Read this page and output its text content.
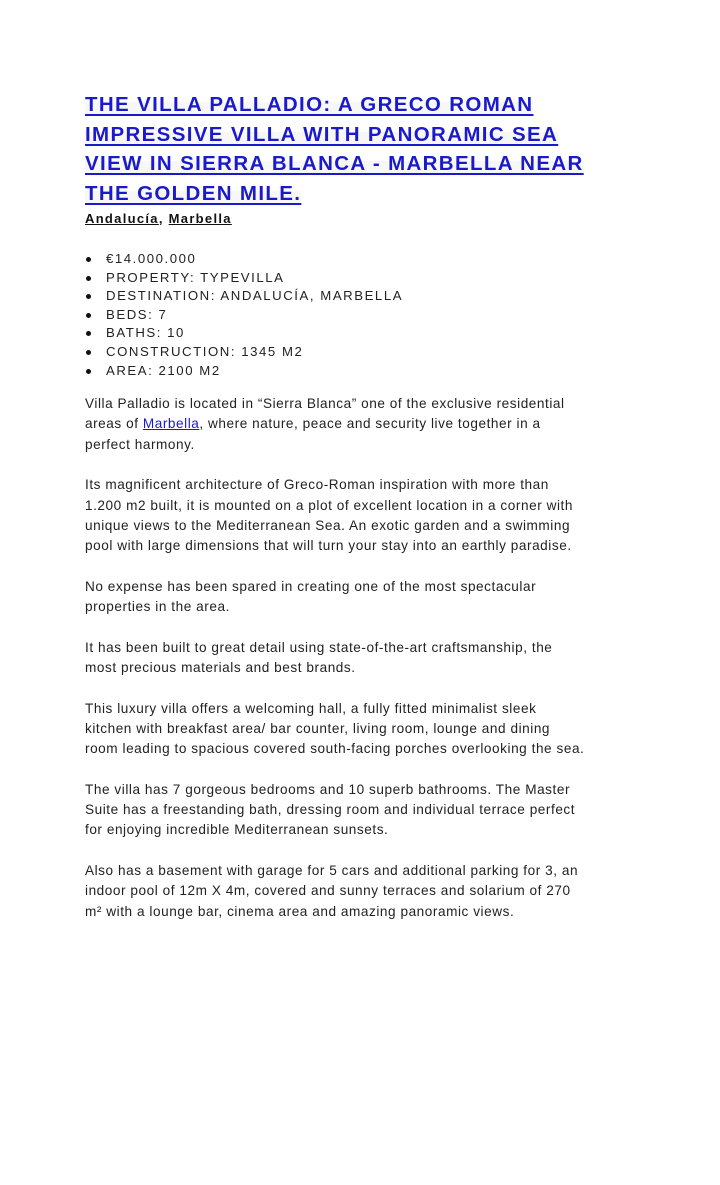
THE VILLA PALLADIO: A GRECO ROMAN
IMPRESSIVE VILLA WITH PANORAMIC SEA
VIEW IN SIERRA BLANCA - MARBELLA NEAR
THE GOLDEN MILE.
Andalucía, Marbella
€14.000.000
PROPERTY: TYPEVILLA
DESTINATION: ANDALUCÍA, MARBELLA
BEDS: 7
BATHS: 10
CONSTRUCTION: 1345 M2
AREA: 2100 M2

Villa Palladio is located in “Sierra Blanca” one of the exclusive residential

areas of Marbella, where nature, peace and security live together in a

perfect harmony.

Its magnificent architecture of Greco-Roman inspiration with more than

1.200 m2 built, it is mounted on a plot of excellent location in a corner with

unique views to the Mediterranean Sea. An exotic garden and a swimming

pool with large dimensions that will turn your stay into an earthly paradise.

No expense has been spared in creating one of the most spectacular

properties in the area.

It has been built to great detail using state-of-the-art craftsmanship, the

most precious materials and best brands.

This luxury villa offers a welcoming hall, a fully fitted minimalist sleek

kitchen with breakfast area/ bar counter, living room, lounge and dining

room leading to spacious covered south-facing porches overlooking the sea.

The villa has 7 gorgeous bedrooms and 10 superb bathrooms. The Master

Suite has a freestanding bath, dressing room and individual terrace perfect

for enjoying incredible Mediterranean sunsets.

Also has a basement with garage for 5 cars and additional parking for 3, an

indoor pool of 12m X 4m, covered and sunny terraces and solarium of 270

m² with a lounge bar, cinema area and amazing panoramic views.
